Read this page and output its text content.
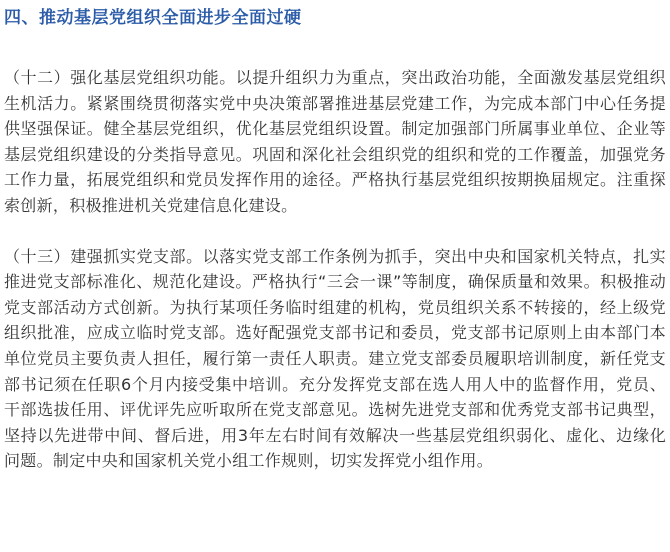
四、推动基层党组织全面进步全面过硬

（十二）强化基层党组织功能。以提升组织力为重点，突出政治功能，全面激发基层党组织生机活力。紧紧围绕贯彻落实党中央决策部署推进基层党建工作，为完成本部门中心任务提供坚强保证。健全基层党组织，优化基层党组织设置。制定加强部门所属事业单位、企业等基层党组织建设的分类指导意见。巩固和深化社会组织党的组织和党的工作覆盖，加强党务工作力量，拓展党组织和党员发挥作用的途径。严格执行基层党组织按期换届规定。注重探索创新，积极推进机关党建信息化建设。

（十三）建强抓实党支部。以落实党支部工作条例为抓手，突出中央和国家机关特点，扎实推进党支部标准化、规范化建设。严格执行“三会一课”等制度，确保质量和效果。积极推动党支部活动方式创新。为执行某项任务临时组建的机构，党员组织关系不转接的，经上级党组织批准，应成立临时党支部。选好配强党支部书记和委员，党支部书记原则上由本部门本单位党员主要负责人担任，履行第一责任人职责。建立党支部委员履职培训制度，新任党支部书记须在任职6个月内接受集中培训。充分发挥党支部在选人用人中的监督作用，党员、干部选拔任用、评优评先应听取所在党支部意见。选树先进党支部和优秀党支部书记典型，坚持以先进带中间、督后进，用3年左右时间有效解决一些基层党组织弱化、虚化、边缘化问题。制定中央和国家机关党小组工作规则，切实发挥党小组作用。
